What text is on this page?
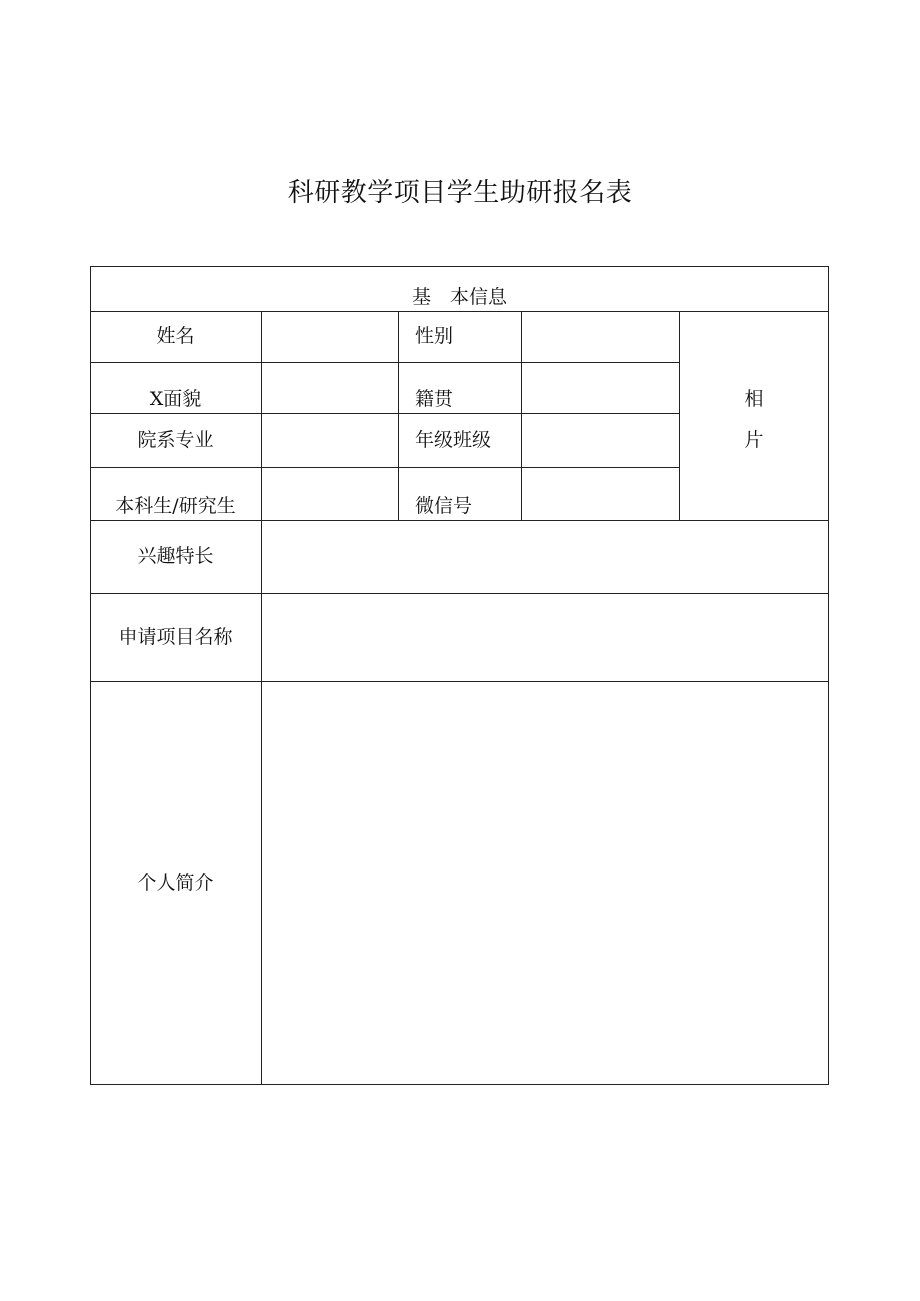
科研教学项目学生助研报名表
基　本信息
姓名	性别
X面貌	籍贯
院系专业	年级班级
本科生/研究生	微信号
相
片
兴趣特长
申请项目名称
个人简介
